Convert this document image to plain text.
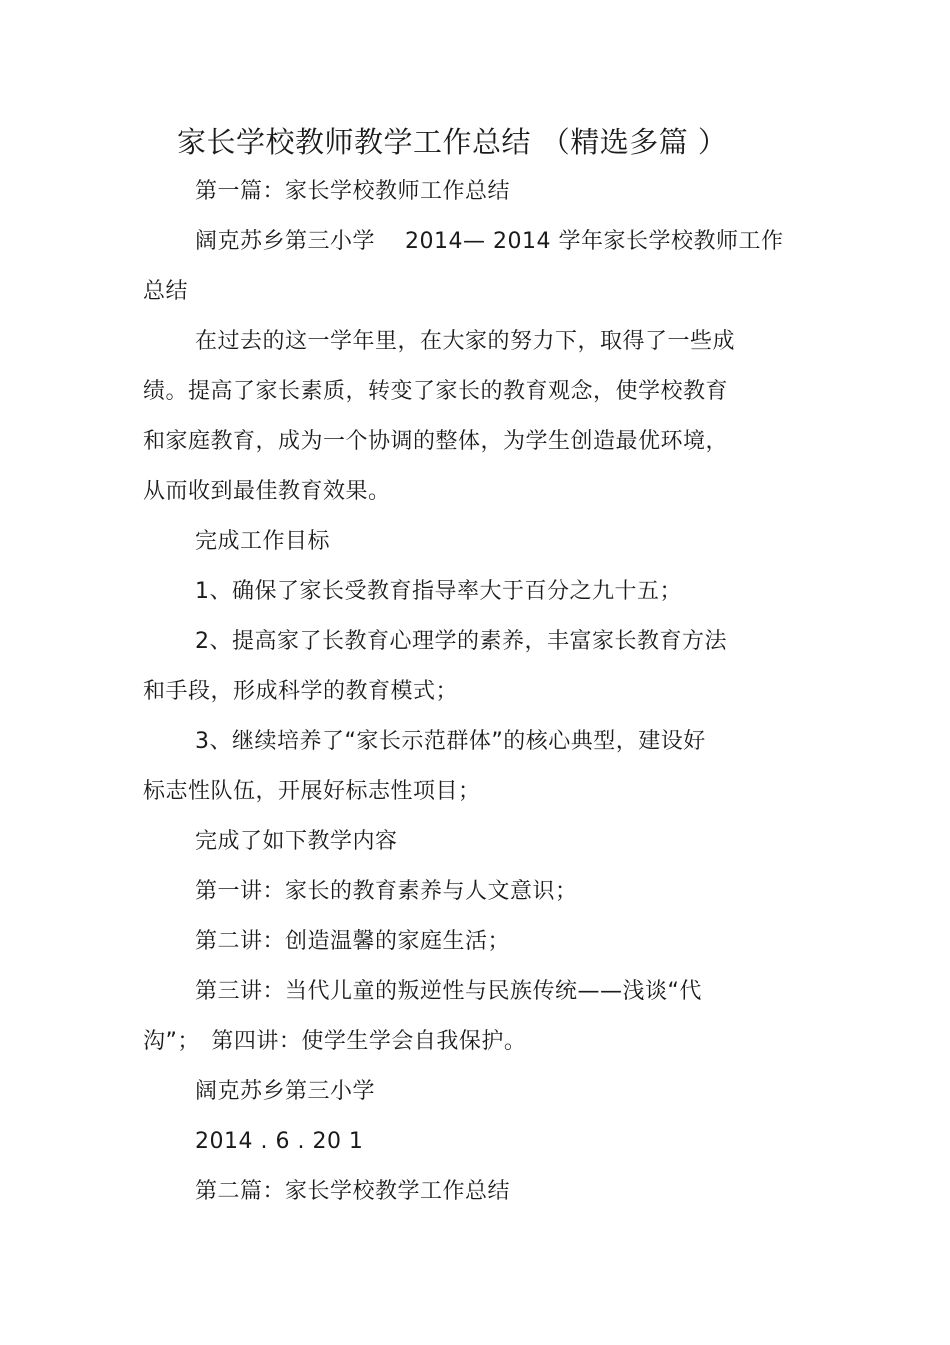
家长学校教师教学工作总结 （精选多篇 ）
第一篇：家长学校教师工作总结
阔克苏乡第三小学　 2014— 2014 学年家长学校教师工作
总结
在过去的这一学年里，在大家的努力下，取得了一些成
绩。提高了家长素质，转变了家长的教育观念，使学校教育
和家庭教育，成为一个协调的整体，为学生创造最优环境，
从而收到最佳教育效果。
完成工作目标
1、确保了家长受教育指导率大于百分之九十五；
2、提高家了长教育心理学的素养，丰富家长教育方法
和手段，形成科学的教育模式；
3、继续培养了“家长示范群体”的核心典型，建设好
标志性队伍，开展好标志性项目；
完成了如下教学内容
第一讲：家长的教育素养与人文意识；
第二讲：创造温馨的家庭生活；
第三讲：当代儿童的叛逆性与民族传统——浅谈“代
沟”；　第四讲：使学生学会自我保护。
阔克苏乡第三小学
2014 . 6 . 20 1
第二篇：家长学校教学工作总结
